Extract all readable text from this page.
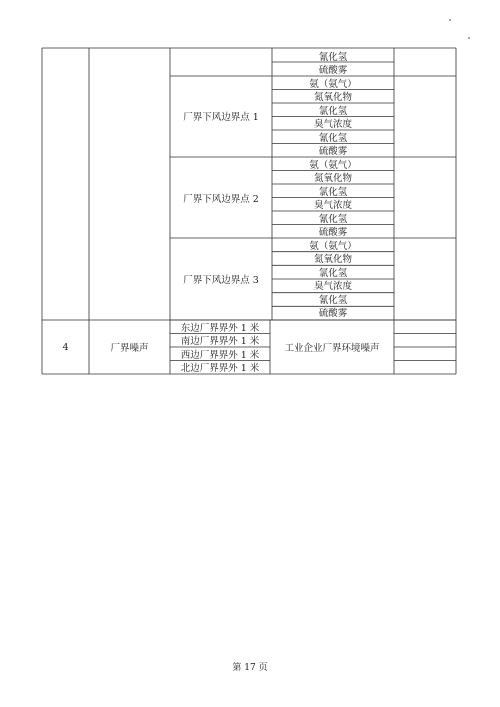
氰化氢
硫酸雾
厂界下风边界点 1
氨（氨气）
氮氧化物
氯化氢
臭气浓度
氰化氢
硫酸雾
厂界下风边界点 2
氨（氨气）
氮氧化物
氯化氢
臭气浓度
氰化氢
硫酸雾
厂界下风边界点 3
氨（氨气）
氮氧化物
氯化氢
臭气浓度
氰化氢
硫酸雾
4	厂界噪声
东边厂界界外 1 米
南边厂界界外 1 米
西边厂界界外 1 米
北边厂界界外 1 米
工业企业厂界环境噪声
第 17 页
